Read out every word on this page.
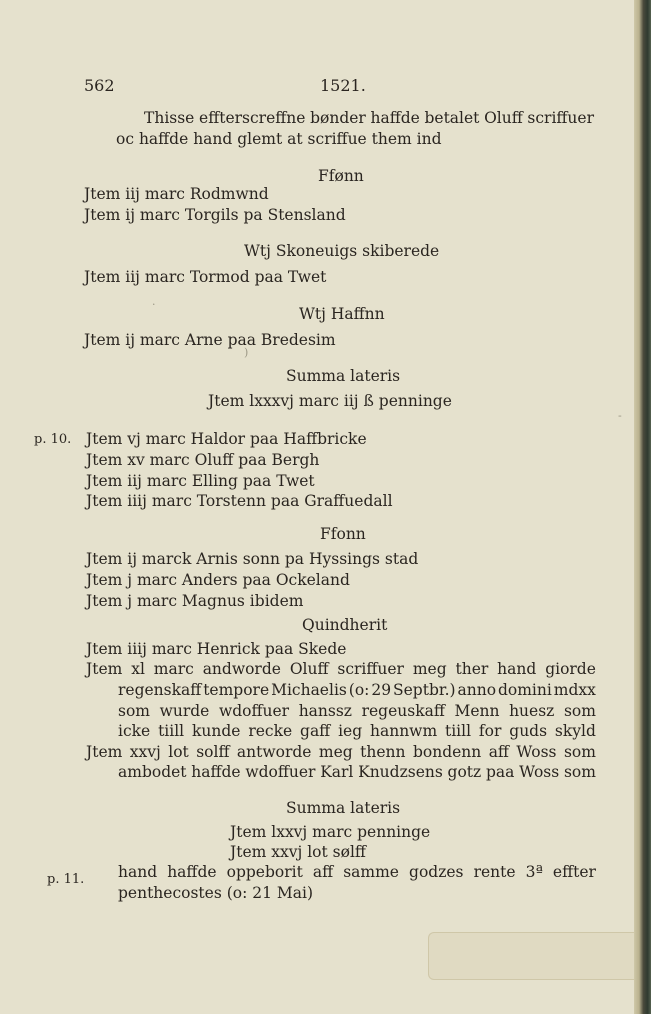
562	1521.
Thisse effterscreffne bønder haffde betalet Oluff scriffuer
oc haffde hand glemt at scriffue them ind
Ffønn
Jtem iij marc Rodmwnd
Jtem ij marc Torgils pa Stensland
Wtj Skoneuigs skiberede
Jtem iij marc Tormod paa Twet
Wtj Haffnn
Jtem ij marc Arne paa Bredesim
Summa lateris
Jtem lxxxvj marc iij ß penninge
p. 10. Jtem vj marc Haldor paa Haffbricke
Jtem xv marc Oluff paa Bergh
Jtem iij marc Elling paa Twet
Jtem iiij marc Torstenn paa Graffuedall
Ffonn
Jtem ij marck Arnis sonn pa Hyssings stad
Jtem j marc Anders paa Ockeland
Jtem j marc Magnus ibidem
Quindherit
Jtem iiij marc Henrick paa Skede
Jtem xl marc andworde Oluff scriffuer meg ther hand giorde
regenskaff tempore Michaelis (o: 29 Septbr.) anno domini mdxx
som wurde wdoffuer hanssz regeuskaff Menn huesz som
icke tiill kunde recke gaff ieg hannwm tiill for guds skyld
Jtem xxvj lot solff antworde meg thenn bondenn aff Woss som
ambodet haffde wdoffuer Karl Knudzsens gotz paa Woss som
Summa lateris
Jtem lxxvj marc penninge
Jtem xxvj lot sølff
p. 11. hand haffde oppeborit aff samme godzes rente 3ª effter
penthecostes (o: 21 Mai)
·
)
-
